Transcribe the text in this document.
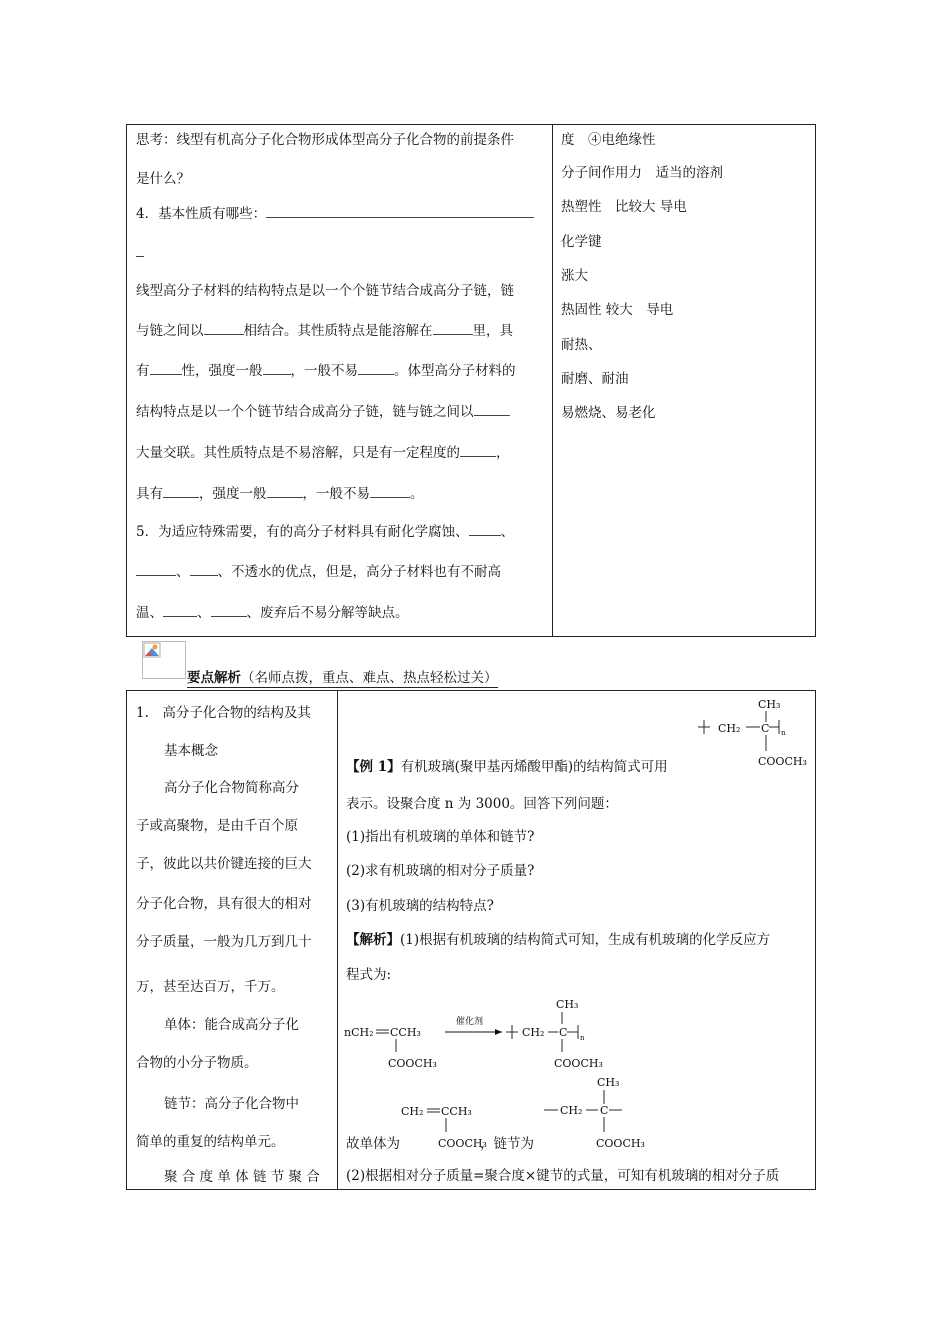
思考：线型有机高分子化合物形成体型高分子化合物的前提条件
是什么？
4．基本性质有哪些：
线型高分子材料的结构特点是以一个个链节结合成高分子链，链
与链之间以	相结合。其性质特点是能溶解在	里，具
有 性，强度一般 ，一般不易	。体型高分子材料的
结构特点是以一个个链节结合成高分子链，链与链之间以
大量交联。其性质特点是不易溶解，只是有一定程度的	，
具有	，强度一般	，一般不易	。
5．为适应特殊需要，有的高分子材料具有耐化学腐蚀、 、
、 、不透水的优点，但是，高分子材料也有不耐高
温、	、	、废弃后不易分解等缺点。
度　④电绝缘性
分子间作用力　适当的溶剂
热塑性　比较大 导电
化学键
涨大
热固性 较大　导电
耐热、
耐磨、耐油
易燃烧、易老化
要点解析（名师点拨，重点、难点、热点轻松过关）
1.　高分子化合物的结构及其
基本概念
高分子化合物简称高分
子或高聚物，是由千百个原
子，彼此以共价键连接的巨大
分子化合物，具有很大的相对
分子质量，一般为几万到几十
万，甚至达百万，千万。
单体：能合成高分子化
合物的小分子物质。
链节：高分子化合物中
简单的重复的结构单元。
聚 合 度 单 体 链 节 聚 合
【例 1】有机玻璃(聚甲基丙烯酸甲酯)的结构简式可用
表示。设聚合度 n 为 3000。回答下列问题：
(1)指出有机玻璃的单体和链节?
(2)求有机玻璃的相对分子质量?
(3)有机玻璃的结构特点?
【解析】(1)根据有机玻璃的结构简式可知，生成有机玻璃的化学反应方
程式为:
故单体为	，链节为
(2)根据相对分子质量=聚合度×键节的式量，可知有机玻璃的相对分子质
CH₃
CH₂ C n
COOCH₃
nCH₂ CCH₃
COOCH₃
催化剂
CH₂ C
CH₃
n
COOCH₃
CH₂ CCH₃
COOCH₃
CH₃
CH₂ C
COOCH₃
